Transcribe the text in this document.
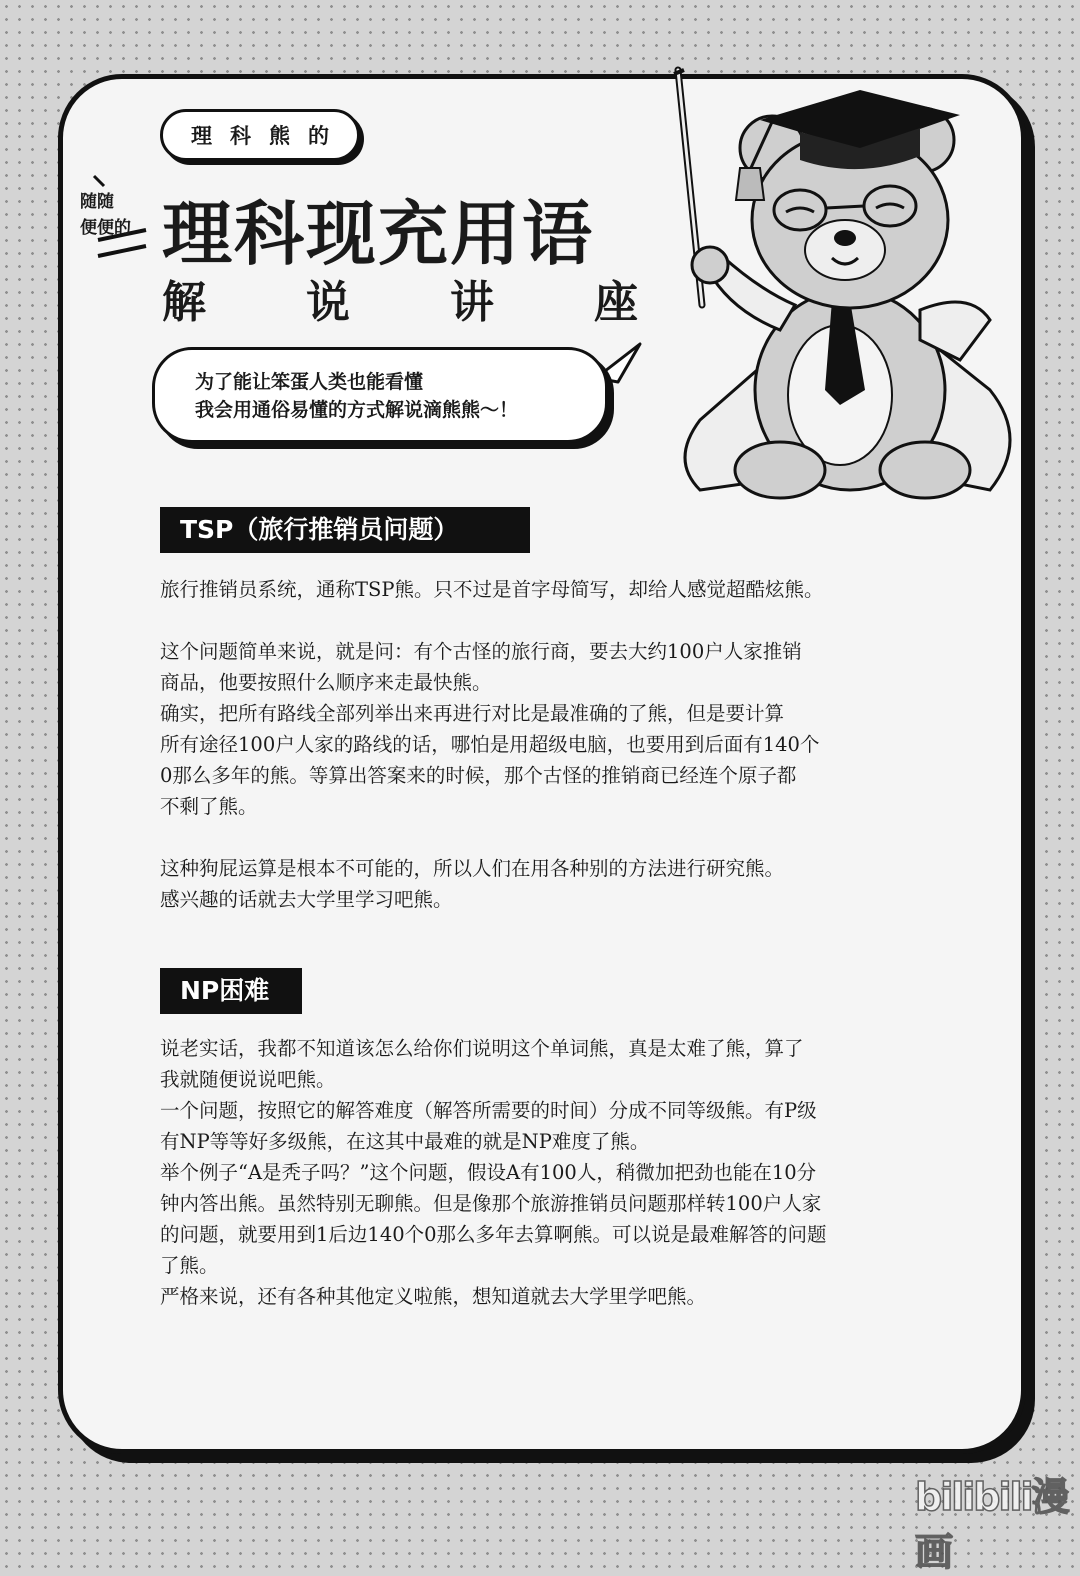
理科熊的
随随
便便的 理科现充用语
解 说 讲 座
为了能让笨蛋人类也能看懂
我会用通俗易懂的方式解说滴熊熊～！
TSP（旅行推销员问题）
旅行推销员系统，通称TSP熊。只不过是首字母简写，却给人感觉超酷炫熊。
这个问题简单来说，就是问：有个古怪的旅行商，要去大约100户人家推销
商品，他要按照什么顺序来走最快熊。
确实，把所有路线全部列举出来再进行对比是最准确的了熊，但是要计算
所有途径100户人家的路线的话，哪怕是用超级电脑，也要用到后面有140个
0那么多年的熊。等算出答案来的时候，那个古怪的推销商已经连个原子都
不剩了熊。
这种狗屁运算是根本不可能的，所以人们在用各种别的方法进行研究熊。
感兴趣的话就去大学里学习吧熊。
NP困难
说老实话，我都不知道该怎么给你们说明这个单词熊，真是太难了熊，算了
我就随便说说吧熊。
一个问题，按照它的解答难度（解答所需要的时间）分成不同等级熊。有P级
有NP等等好多级熊，在这其中最难的就是NP难度了熊。
举个例子“A是秃子吗？”这个问题，假设A有100人，稍微加把劲也能在10分
钟内答出熊。虽然特别无聊熊。但是像那个旅游推销员问题那样转100户人家
的问题，就要用到1后边140个0那么多年去算啊熊。可以说是最难解答的问题
了熊。
严格来说，还有各种其他定义啦熊，想知道就去大学里学吧熊。
bilibili漫画
